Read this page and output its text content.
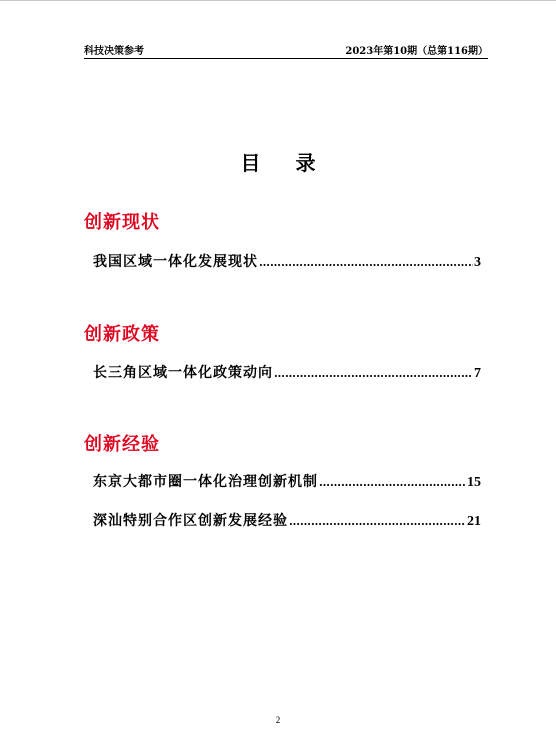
科技决策参考	2023年第10期（总第116期）
目 录
创新现状
我国区域一体化发展现状 ……………………………………………………………………………………………………………………………………	3
创新政策
长三角区域一体化政策动向 ……………………………………………………………………………………………………………………………………	7
创新经验
东京大都市圈一体化治理创新机制 ……………………………………………………………………………………………………………………………………	15
深汕特别合作区创新发展经验 ……………………………………………………………………………………………………………………………………	21
2
